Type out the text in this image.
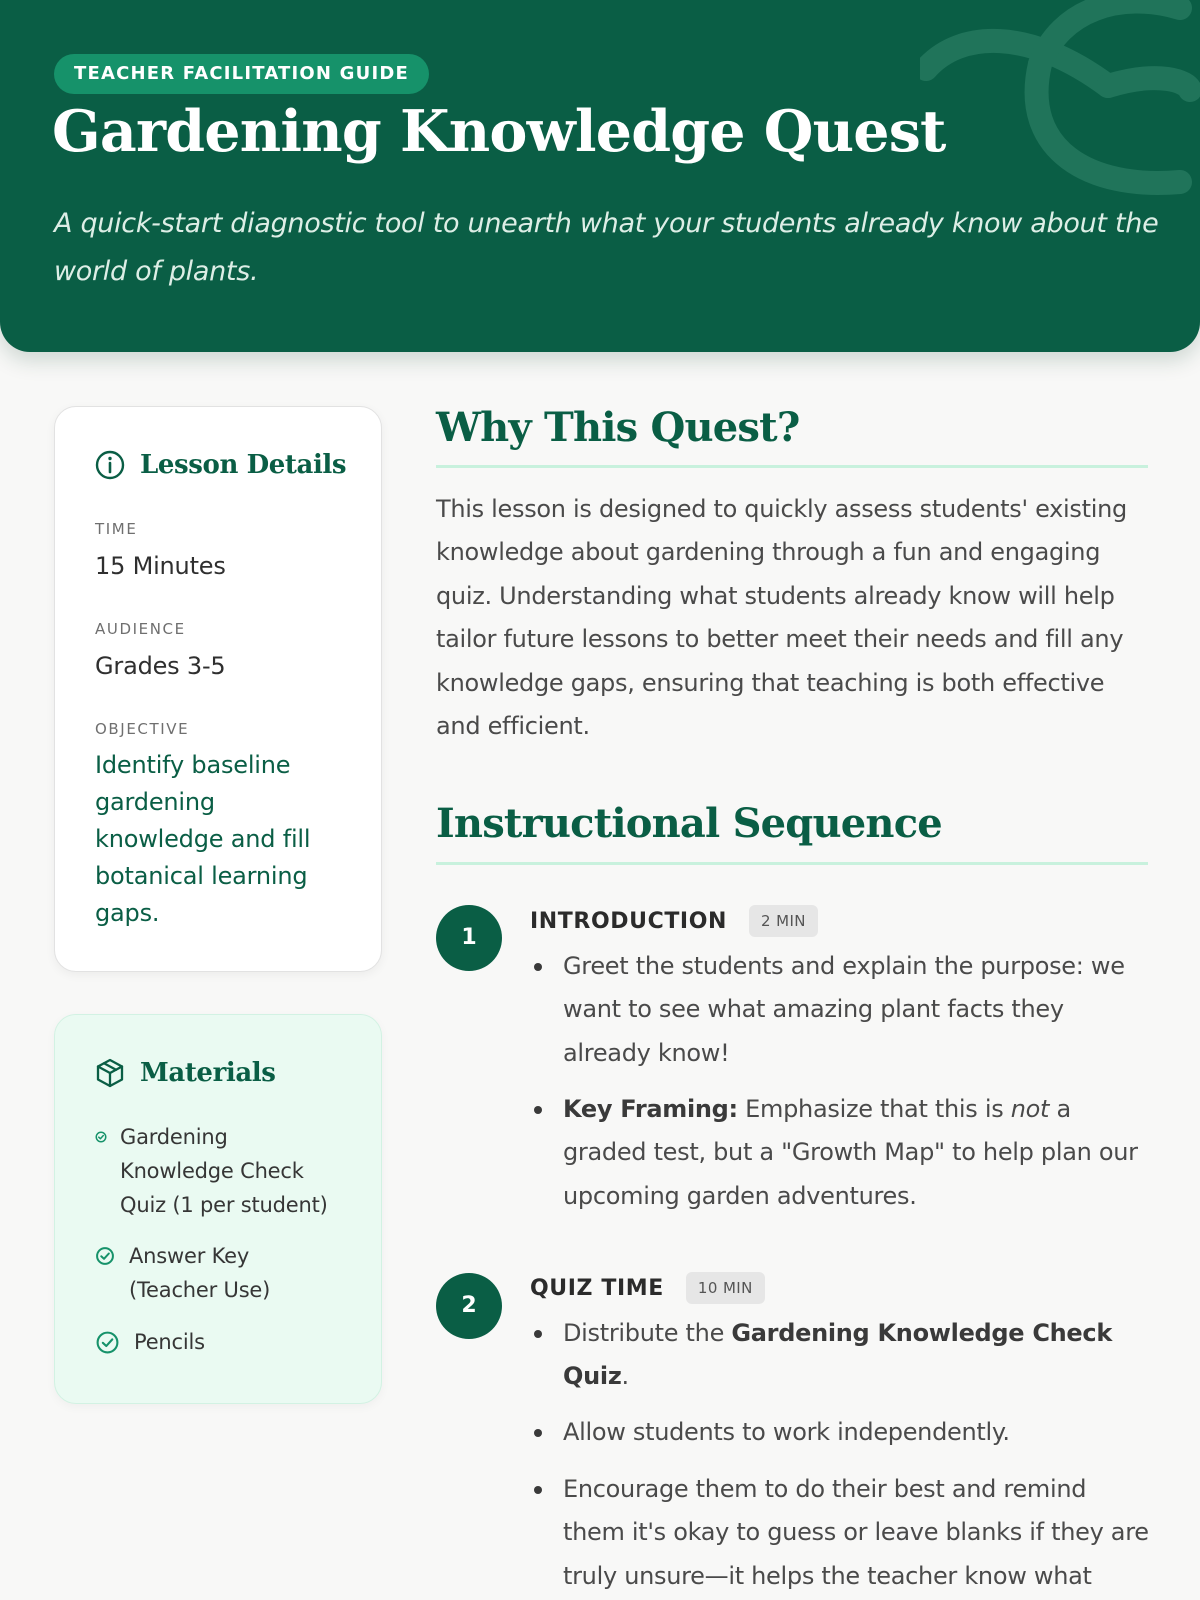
TEACHER FACILITATION GUIDE
Gardening Knowledge Quest

A quick-start diagnostic tool to unearth what your students already know about the world of plants.

Lesson Details
TIME
15 Minutes
AUDIENCE
Grades 3-5
OBJECTIVE
Identify baseline gardening knowledge and fill botanical learning gaps.
Materials
Gardening Knowledge Check Quiz (1 per student)
Answer Key (Teacher Use)
Pencils
Why This Quest?

This lesson is designed to quickly assess students' existing knowledge about gardening through a fun and engaging quiz. Understanding what students already know will help tailor future lessons to better meet their needs and fill any knowledge gaps, ensuring that teaching is both effective and efficient.

Instructional Sequence
1
INTRODUCTION	2 MIN
Greet the students and explain the purpose: we want to see what amazing plant facts they already know!
Key Framing: Emphasize that this is not a graded test, but a "Growth Map" to help plan our upcoming garden adventures.
2
QUIZ TIME	10 MIN
Distribute the Gardening Knowledge Check Quiz.
Allow students to work independently.
Encourage them to do their best and remind them it's okay to guess or leave blanks if they are truly unsure—it helps the teacher know what
